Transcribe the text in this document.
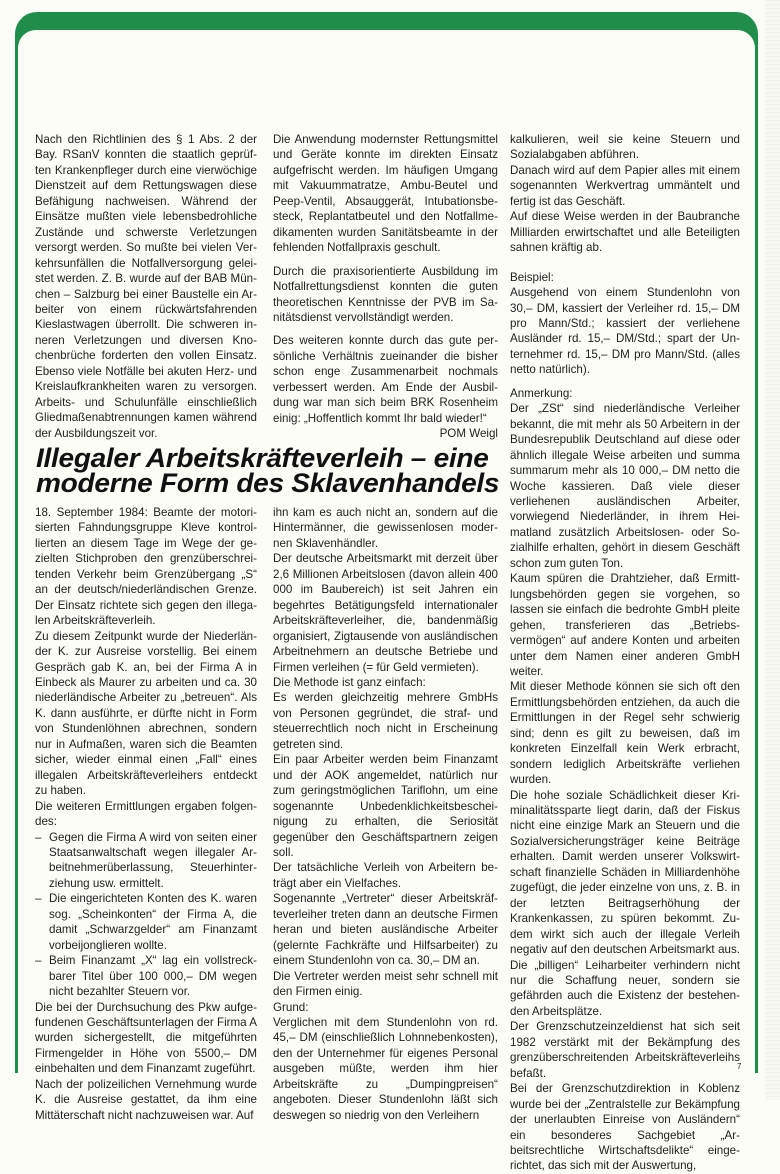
Nach den Richtlinien des § 1 Abs. 2 der Bay. RSanV konnten die staatlich geprüften Krankenpfleger durch eine vierwöchige Dienstzeit auf dem Rettungswagen diese Befähigung nachweisen. Während der Einsätze mußten viele lebensbedrohliche Zustände und schwerste Verletzungen versorgt werden. So mußte bei vielen Verkehrsunfällen die Notfallversorgung geleistet werden. Z. B. wurde auf der BAB München – Salzburg bei einer Baustelle ein Arbeiter von einem rückwärtsfahrenden Kieslastwagen überrollt. Die schweren inneren Verletzungen und diversen Knochenbrüche forderten den vollen Einsatz. Ebenso viele Notfälle bei akuten Herz- und Kreislaufkrankheiten waren zu versorgen. Arbeits- und Schulunfälle einschließlich Gliedmaßenabtrennungen kamen während der Ausbildungszeit vor.

Die Anwendung modernster Rettungsmittel und Geräte konnte im direkten Einsatz aufgefrischt werden. Im häufigen Umgang mit Vakuummatratze, Ambu-Beutel und Peep-Ventil, Absauggerät, Intubationsbesteck, Replantatbeutel und den Notfallmedikamenten wurden Sanitätsbeamte in der fehlenden Notfallpraxis geschult.

Durch die praxisorientierte Ausbildung im Notfallrettungsdienst konnten die guten theoretischen Kenntnisse der PVB im Sanitätsdienst vervollständigt werden.

Des weiteren konnte durch das gute persönliche Verhältnis zueinander die bisher schon enge Zusammenarbeit nochmals verbessert werden. Am Ende der Ausbildung war man sich beim BRK Rosenheim einig: „Hoffentlich kommt Ihr bald wieder!“

POM Weigl

Illegaler Arbeitskräfteverleih – eine
moderne Form des Sklavenhandels

18. September 1984: Beamte der motorisierten Fahndungsgruppe Kleve kontrollierten an diesem Tage im Wege der gezielten Stichproben den grenzüberschreitenden Verkehr beim Grenzübergang „S“ an der deutsch/niederländischen Grenze. Der Einsatz richtete sich gegen den illegalen Arbeitskräfteverleih.

Zu diesem Zeitpunkt wurde der Niederländer K. zur Ausreise vorstellig. Bei einem Gespräch gab K. an, bei der Firma A in Einbeck als Maurer zu arbeiten und ca. 30 niederländische Arbeiter zu „betreuen“. Als K. dann ausführte, er dürfte nicht in Form von Stundenlöhnen abrechnen, sondern nur in Aufmaßen, waren sich die Beamten sicher, wieder einmal einen „Fall“ eines illegalen Arbeitskräfteverleihers entdeckt zu haben.

Die weiteren Ermittlungen ergaben folgendes:

– Gegen die Firma A wird von seiten einer Staatsanwaltschaft wegen illegaler Arbeitnehmerüberlassung, Steuerhinterziehung usw. ermittelt.
– Die eingerichteten Konten des K. waren sog. „Scheinkonten“ der Firma A, die damit „Schwarzgelder“ am Finanzamt vorbeijonglieren wollte.
– Beim Finanzamt „X“ lag ein vollstreckbarer Titel über 100 000,– DM wegen nicht bezahlter Steuern vor.

Die bei der Durchsuchung des Pkw aufgefundenen Geschäftsunterlagen der Firma A wurden sichergestellt, die mitgeführten Firmengelder in Höhe von 5500,– DM einbehalten und dem Finanzamt zugeführt.

Nach der polizeilichen Vernehmung wurde K. die Ausreise gestattet, da ihm eine Mittäterschaft nicht nachzuweisen war. Auf

ihn kam es auch nicht an, sondern auf die Hintermänner, die gewissenlosen modernen Sklavenhändler.

Der deutsche Arbeitsmarkt mit derzeit über 2,6 Millionen Arbeitslosen (davon allein 400 000 im Baubereich) ist seit Jahren ein begehrtes Betätigungsfeld internationaler Arbeitskräfteverleiher, die, bandenmäßig organisiert, Zigtausende von ausländischen Arbeitnehmern an deutsche Betriebe und Firmen verleihen (= für Geld vermieten).

Die Methode ist ganz einfach:

Es werden gleichzeitig mehrere GmbHs von Personen gegründet, die straf- und steuerrechtlich noch nicht in Erscheinung getreten sind.

Ein paar Arbeiter werden beim Finanzamt und der AOK angemeldet, natürlich nur zum geringstmöglichen Tariflohn, um eine sogenannte Unbedenklichkeitsbescheinigung zu erhalten, die Seriosität gegenüber den Geschäftspartnern zeigen soll.

Der tatsächliche Verleih von Arbeitern beträgt aber ein Vielfaches.

Sogenannte „Vertreter“ dieser Arbeitskräfteverleiher treten dann an deutsche Firmen heran und bieten ausländische Arbeiter (gelernte Fachkräfte und Hilfsarbeiter) zu einem Stundenlohn von ca. 30,– DM an.

Die Vertreter werden meist sehr schnell mit den Firmen einig.

Grund:

Verglichen mit dem Stundenlohn von rd. 45,– DM (einschließlich Lohnnebenkosten), den der Unternehmer für eigenes Personal ausgeben müßte, werden ihm hier Arbeitskräfte zu „Dumpingpreisen“ angeboten. Dieser Stundenlohn läßt sich deswegen so niedrig von den Verleihern

kalkulieren, weil sie keine Steuern und Sozialabgaben abführen.

Danach wird auf dem Papier alles mit einem sogenannten Werkvertrag ummäntelt und fertig ist das Geschäft.

Auf diese Weise werden in der Baubranche Milliarden erwirtschaftet und alle Beteiligten sahnen kräftig ab.

Beispiel:

Ausgehend von einem Stundenlohn von 30,– DM, kassiert der Verleiher rd. 15,– DM pro Mann/Std.; kassiert der verliehene Ausländer rd. 15,– DM/Std.; spart der Unternehmer rd. 15,– DM pro Mann/Std. (alles netto natürlich).

Anmerkung:

Der „ZSt“ sind niederländische Verleiher bekannt, die mit mehr als 50 Arbeitern in der Bundesrepublik Deutschland auf diese oder ähnlich illegale Weise arbeiten und summa summarum mehr als 10 000,– DM netto die Woche kassieren. Daß viele dieser verliehenen ausländischen Arbeiter, vorwiegend Niederländer, in ihrem Heimatland zusätzlich Arbeitslosen- oder Sozialhilfe erhalten, gehört in diesem Geschäft schon zum guten Ton.

Kaum spüren die Drahtzieher, daß Ermittlungsbehörden gegen sie vorgehen, so lassen sie einfach die bedrohte GmbH pleite gehen, transferieren das „Betriebsvermögen“ auf andere Konten und arbeiten unter dem Namen einer anderen GmbH weiter.

Mit dieser Methode können sie sich oft den Ermittlungsbehörden entziehen, da auch die Ermittlungen in der Regel sehr schwierig sind; denn es gilt zu beweisen, daß im konkreten Einzelfall kein Werk erbracht, sondern lediglich Arbeitskräfte verliehen wurden.

Die hohe soziale Schädlichkeit dieser Kriminalitätssparte liegt darin, daß der Fiskus nicht eine einzige Mark an Steuern und die Sozialversicherungsträger keine Beiträge erhalten. Damit werden unserer Volkswirtschaft finanzielle Schäden in Milliardenhöhe zugefügt, die jeder einzelne von uns, z. B. in der letzten Beitragserhöhung der Krankenkassen, zu spüren bekommt. Zudem wirkt sich auch der illegale Verleih negativ auf den deutschen Arbeitsmarkt aus. Die „billigen“ Leiharbeiter verhindern nicht nur die Schaffung neuer, sondern sie gefährden auch die Existenz der bestehenden Arbeitsplätze.

Der Grenzschutzeinzeldienst hat sich seit 1982 verstärkt mit der Bekämpfung des grenzüberschreitenden Arbeitskräfteverleihs befaßt.

Bei der Grenzschutzdirektion in Koblenz wurde bei der „Zentralstelle zur Bekämpfung der unerlaubten Einreise von Ausländern“ ein besonderes Sachgebiet „Arbeitsrechtliche Wirtschaftsdelikte“ eingerichtet, das sich mit der Auswertung,

7
